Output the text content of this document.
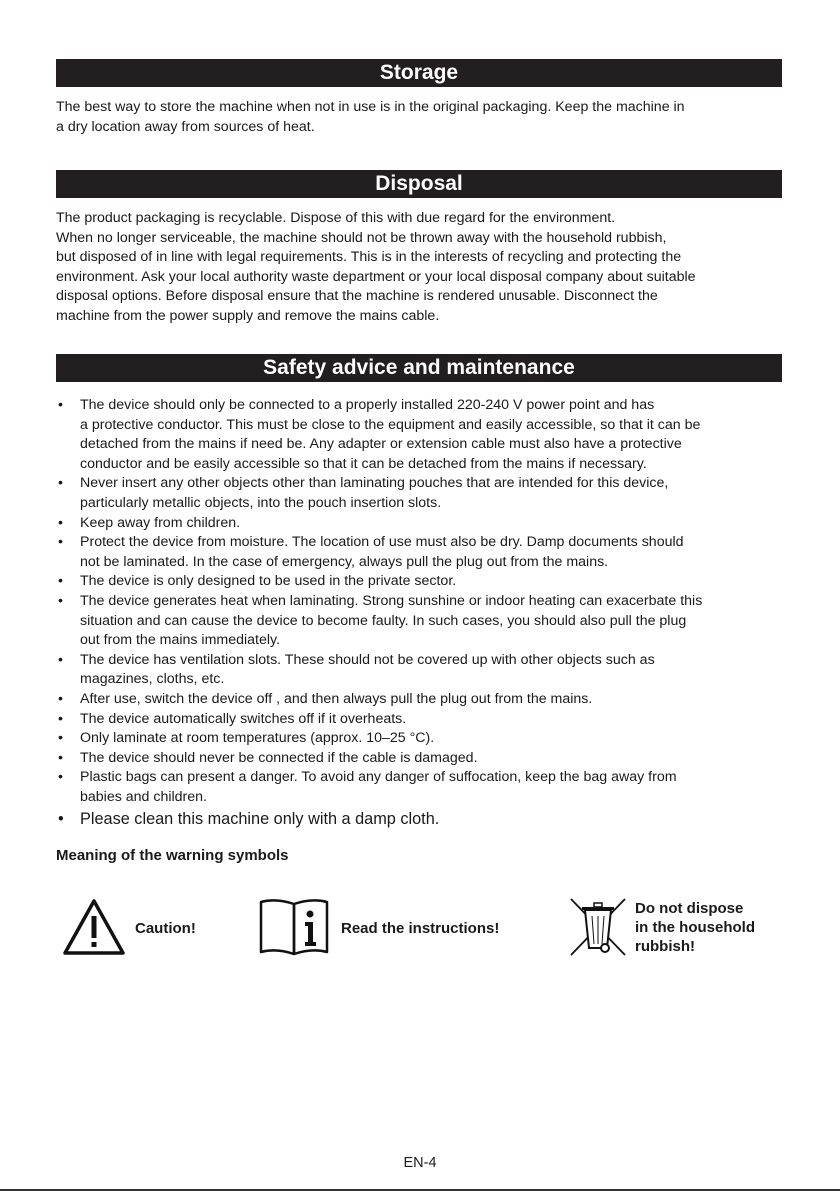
Storage
The best way to store the machine when not in use is in the original packaging. Keep the machine in
a dry location away from sources of heat.
Disposal
The product packaging is recyclable. Dispose of this with due regard for the environment.
When no longer serviceable, the machine should not be thrown away with the household rubbish,
but disposed of in line with legal requirements. This is in the interests of recycling and protecting the
environment. Ask your local authority waste department or your local disposal company about suitable
disposal options. Before disposal ensure that the machine is rendered unusable. Disconnect the
machine from the power supply and remove the mains cable.
Safety advice and maintenance
• The device should only be connected to a properly installed 220-240 V power point and has
a protective conductor. This must be close to the equipment and easily accessible, so that it can be
detached from the mains if need be. Any adapter or extension cable must also have a protective
conductor and be easily accessible so that it can be detached from the mains if necessary.
• Never insert any other objects other than laminating pouches that are intended for this device,
particularly metallic objects, into the pouch insertion slots.
• Keep away from children.
• Protect the device from moisture. The location of use must also be dry. Damp documents should
not be laminated. In the case of emergency, always pull the plug out from the mains.
• The device is only designed to be used in the private sector.
• The device generates heat when laminating. Strong sunshine or indoor heating can exacerbate this
situation and can cause the device to become faulty. In such cases, you should also pull the plug
out from the mains immediately.
• The device has ventilation slots. These should not be covered up with other objects such as
magazines, cloths, etc.
• After use, switch the device off , and then always pull the plug out from the mains.
• The device automatically switches off if it overheats.
• Only laminate at room temperatures (approx. 10–25 °C).
• The device should never be connected if the cable is damaged.
• Plastic bags can present a danger. To avoid any danger of suffocation, keep the bag away from
babies and children.
• Please clean this machine only with a damp cloth.
Meaning of the warning symbols
Caution!	Read the instructions!
Do not dispose
in the household
rubbish!
EN-4
